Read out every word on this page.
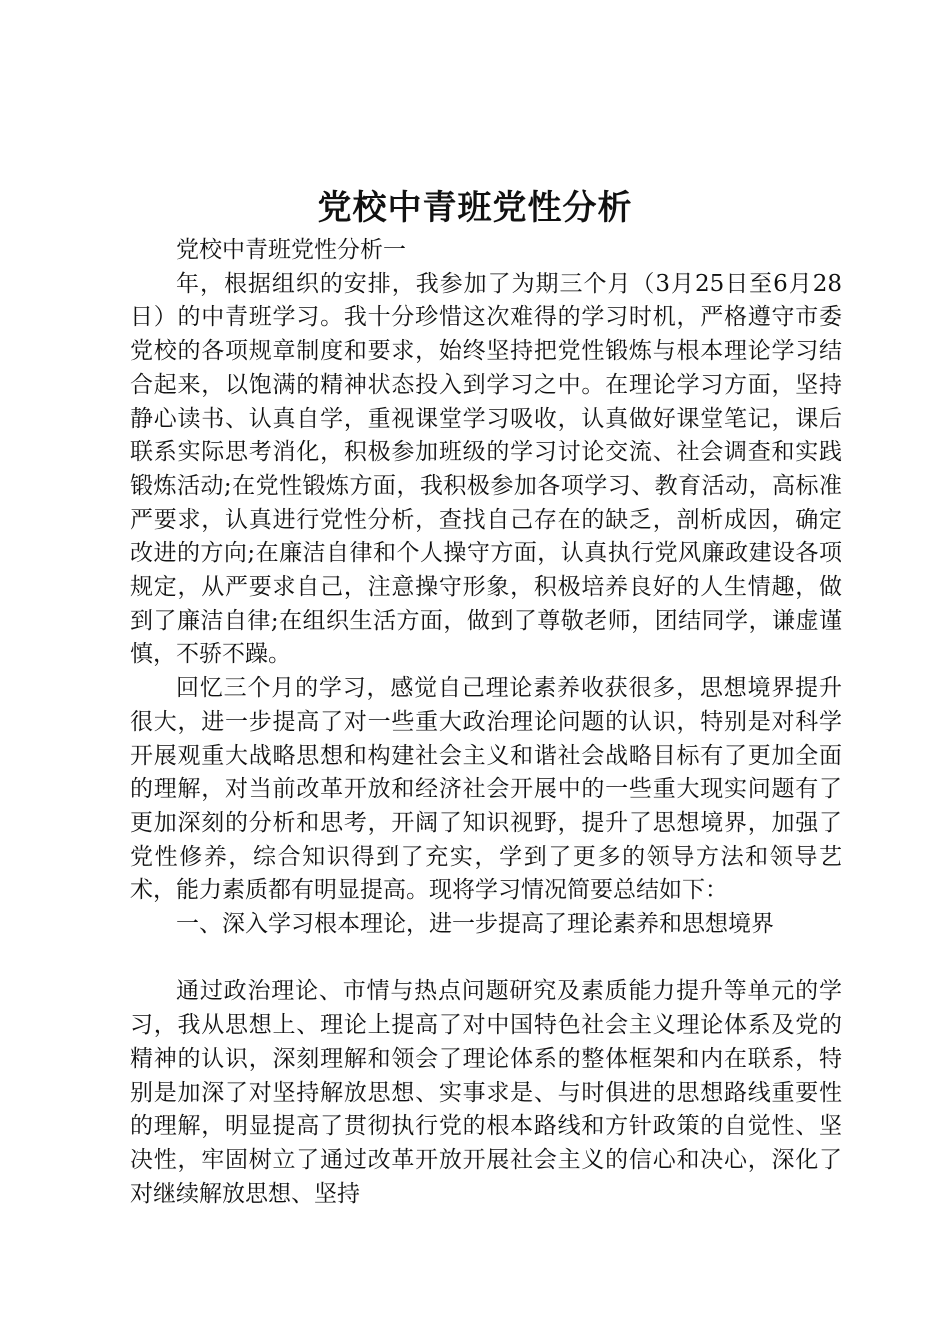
党校中青班党性分析

党校中青班党性分析一

年，根据组织的安排，我参加了为期三个月（3月25日至6月28日）的中青班学习。我十分珍惜这次难得的学习时机，严格遵守市委党校的各项规章制度和要求，始终坚持把党性锻炼与根本理论学习结合起来，以饱满的精神状态投入到学习之中。在理论学习方面，坚持静心读书、认真自学，重视课堂学习吸收，认真做好课堂笔记，课后联系实际思考消化，积极参加班级的学习讨论交流、社会调查和实践锻炼活动;在党性锻炼方面，我积极参加各项学习、教育活动，高标准严要求，认真进行党性分析，查找自己存在的缺乏，剖析成因，确定改进的方向;在廉洁自律和个人操守方面，认真执行党风廉政建设各项规定，从严要求自己，注意操守形象，积极培养良好的人生情趣，做到了廉洁自律;在组织生活方面，做到了尊敬老师，团结同学，谦虚谨慎，不骄不躁。

回忆三个月的学习，感觉自己理论素养收获很多，思想境界提升很大，进一步提高了对一些重大政治理论问题的认识，特别是对科学开展观重大战略思想和构建社会主义和谐社会战略目标有了更加全面的理解，对当前改革开放和经济社会开展中的一些重大现实问题有了更加深刻的分析和思考，开阔了知识视野，提升了思想境界，加强了党性修养，综合知识得到了充实，学到了更多的领导方法和领导艺术，能力素质都有明显提高。现将学习情况简要总结如下：

一、深入学习根本理论，进一步提高了理论素养和思想境界

通过政治理论、市情与热点问题研究及素质能力提升等单元的学习，我从思想上、理论上提高了对中国特色社会主义理论体系及党的精神的认识，深刻理解和领会了理论体系的整体框架和内在联系，特别是加深了对坚持解放思想、实事求是、与时俱进的思想路线重要性的理解，明显提高了贯彻执行党的根本路线和方针政策的自觉性、坚决性，牢固树立了通过改革开放开展社会主义的信心和决心，深化了对继续解放思想、坚持
